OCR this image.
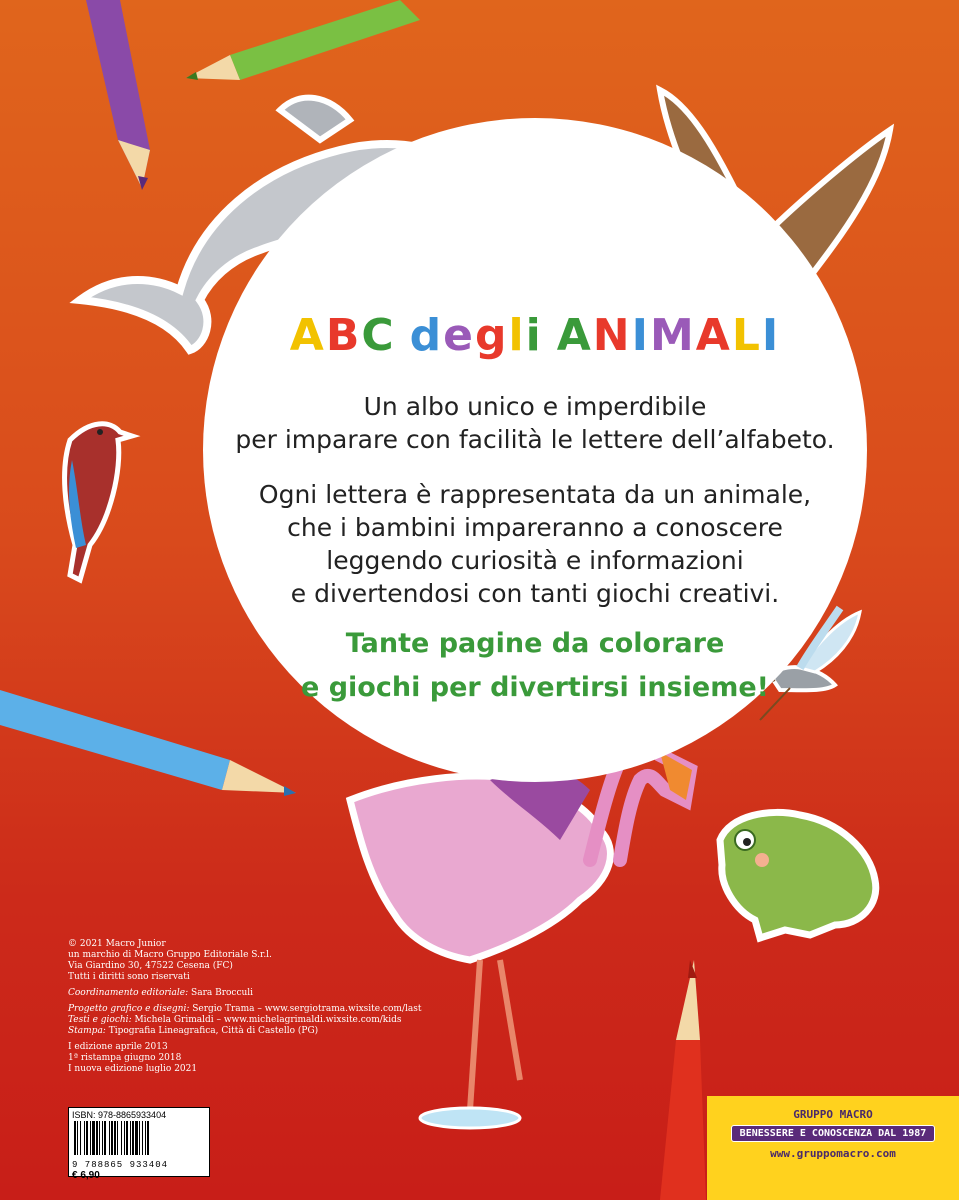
ABC degli ANIMALI
Un albo unico e imperdibile
per imparare con facilità le lettere dell’alfabeto.
Ogni lettera è rappresentata da un animale,
che i bambini impareranno a conoscere
leggendo curiosità e informazioni
e divertendosi con tanti giochi creativi.
Tante pagine da colorare
e giochi per divertirsi insieme!
© 2021 Macro Junior
un marchio di Macro Gruppo Editoriale S.r.l.
Via Giardino 30, 47522 Cesena (FC)
Tutti i diritti sono riservati
Coordinamento editoriale: Sara Brocculi
Progetto grafico e disegni: Sergio Trama – www.sergiotrama.wixsite.com/last
Testi e giochi: Michela Grimaldi – www.michelagrimaldi.wixsite.com/kids
Stampa: Tipografia Lineagrafica, Città di Castello (PG)
I edizione aprile 2013
1ª ristampa giugno 2018
I nuova edizione luglio 2021
ISBN: 978-8865933404
9 788865 933404
€ 6,90
GRUPPO MACRO
BENESSERE E CONOSCENZA DAL 1987
www.gruppomacro.com
